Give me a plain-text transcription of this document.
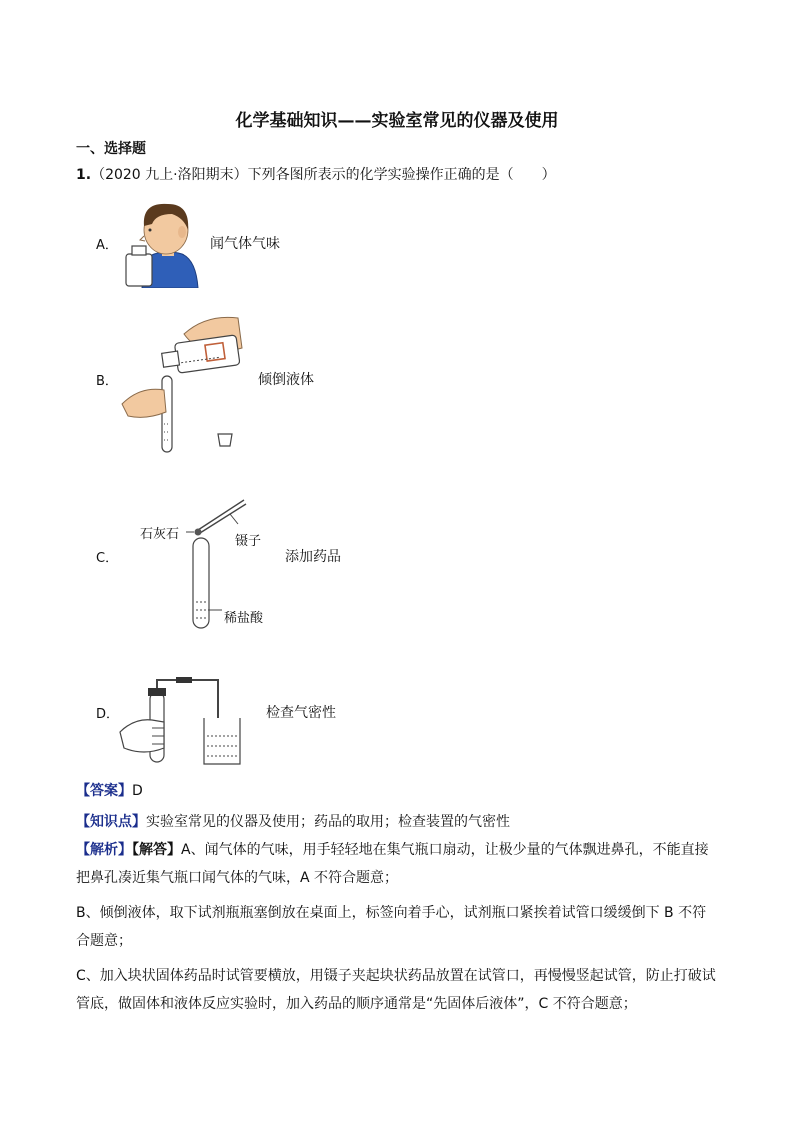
化学基础知识——实验室常见的仪器及使用
一、选择题
1.（2020 九上·洛阳期末）下列各图所表示的化学实验操作正确的是（　　）
A．	闻气体气味
B．	倾倒液体
C．
石灰石	镊子
稀盐酸
添加药品
D．	检查气密性
【答案】D
【知识点】实验室常见的仪器及使用；药品的取用；检查装置的气密性
【解析】【解答】A、闻气体的气味，用手轻轻地在集气瓶口扇动，让极少量的气体飘进鼻孔，不能直接把鼻孔凑近集气瓶口闻气体的气味，A 不符合题意；
B、倾倒液体，取下试剂瓶瓶塞倒放在桌面上，标签向着手心，试剂瓶口紧挨着试管口缓缓倒下 B 不符合题意；
C、加入块状固体药品时试管要横放，用镊子夹起块状药品放置在试管口，再慢慢竖起试管，防止打破试管底，做固体和液体反应实验时，加入药品的顺序通常是“先固体后液体”，C 不符合题意；
